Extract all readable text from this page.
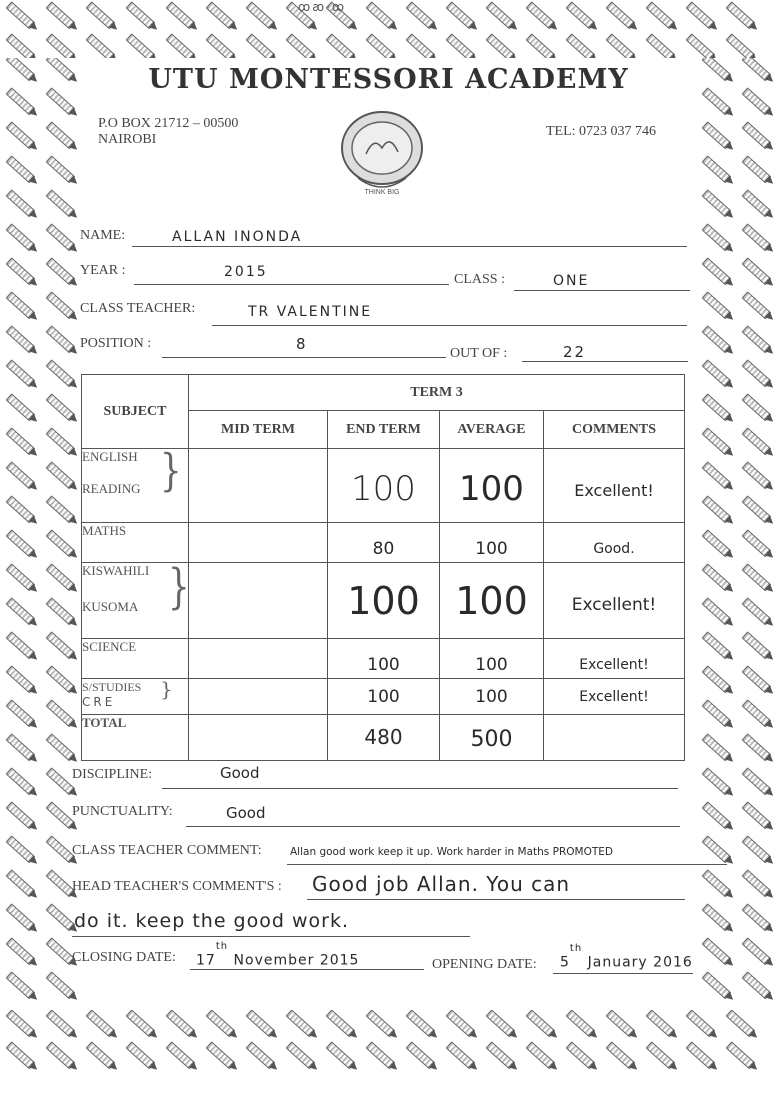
ꝏꜵ·ꝏ
UTU MONTESSORI ACADEMY
P.O BOX 21712 – 00500
NAIROBI
TEL: 0723 037 746
THINK BIG
NAME:	ALLAN INONDA
YEAR :	2015	CLASS :	ONE
CLASS TEACHER:	TR VALENTINE
POSITION :	8
OUT OF :	22
SUBJECT	TERM 3			
	MID TERM	END TERM	AVERAGE	COMMENTS

ENGLISH
READING }		100	100	Excellent!

MATHS		80	100	Good.

KISWAHILI
KUSOMA }		100	100	Excellent!

SCIENCE		100	100	Excellent!

S/STUDIES
CRE
}		100	100	Excellent!

TOTAL		480	500	

DISCIPLINE:	Good
PUNCTUALITY:	Good
CLASS TEACHER COMMENT:	Allan good work keep it up. Work harder in Maths PROMOTED
HEAD TEACHER'S COMMENT'S : Good job Allan. You can
do it. keep the good work.
CLOSING DATE: 17th November 2015	OPENING DATE: 5th January 2016
